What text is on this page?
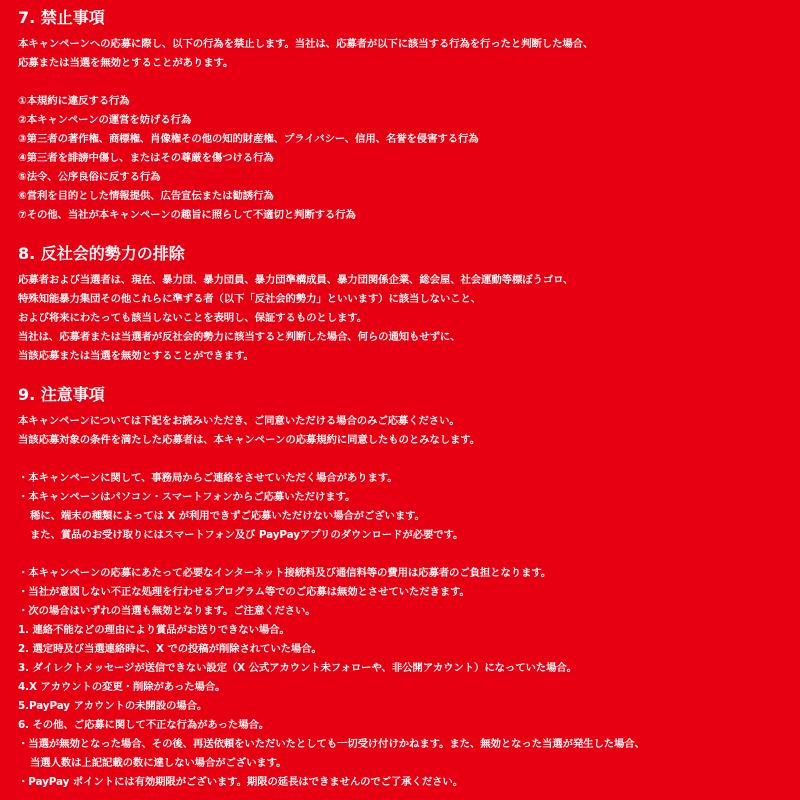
7. 禁止事項
本キャンペーンへの応募に際し、以下の行為を禁止します。当社は、応募者が以下に該当する行為を行ったと判断した場合、
応募または当選を無効とすることがあります。
①本規約に違反する行為
②本キャンペーンの運営を妨げる行為
③第三者の著作権、商標権、肖像権その他の知的財産権、プライバシー、信用、名誉を侵害する行為
④第三者を誹謗中傷し、またはその尊厳を傷つける行為
⑤法令、公序良俗に反する行為
⑥営利を目的とした情報提供、広告宣伝または勧誘行為
⑦その他、当社が本キャンペーンの趣旨に照らして不適切と判断する行為
8. 反社会的勢力の排除
応募者および当選者は、現在、暴力団、暴力団員、暴力団準構成員、暴力団関係企業、総会屋、社会運動等標ぼうゴロ、
特殊知能暴力集団その他これらに準ずる者（以下「反社会的勢力」といいます）に該当しないこと、
および将来にわたっても該当しないことを表明し、保証するものとします。
当社は、応募者または当選者が反社会的勢力に該当すると判断した場合、何らの通知もせずに、
当該応募または当選を無効とすることができます。
9. 注意事項
本キャンペーンについては下記をお読みいただき、ご同意いただける場合のみご応募ください。
当該応募対象の条件を満たした応募者は、本キャンペーンの応募規約に同意したものとみなします。
・本キャンペーンに関して、事務局からご連絡をさせていただく場合があります。
・本キャンペーンはパソコン・スマートフォンからご応募いただけます。
稀に、端末の種類によっては X が利用できずご応募いただけない場合がございます。
また、賞品のお受け取りにはスマートフォン及び PayPayアプリのダウンロードが必要です。
・本キャンペーンの応募にあたって必要なインターネット接続料及び通信料等の費用は応募者のご負担となります。
・当社が意図しない不正な処理を行わせるプログラム等でのご応募は無効とさせていただきます。
・次の場合はいずれの当選も無効となります。ご注意ください。
1. 連絡不能などの理由により賞品がお送りできない場合。
2. 選定時及び当選連絡時に、X での投稿が削除されていた場合。
3. ダイレクトメッセージが送信できない設定（X 公式アカウント未フォローや、非公開アカウント）になっていた場合。
4.X アカウントの変更・削除があった場合。
5.PayPay アカウントの未開設の場合。
6. その他、ご応募に関して不正な行為があった場合。
・当選が無効となった場合、その後、再送依頼をいただいたとしても一切受け付けかねます。また、無効となった当選が発生した場合、
当選人数は上記記載の数に達しない場合がございます。
・PayPay ポイントには有効期限がございます。期限の延長はできませんのでご了承ください。
